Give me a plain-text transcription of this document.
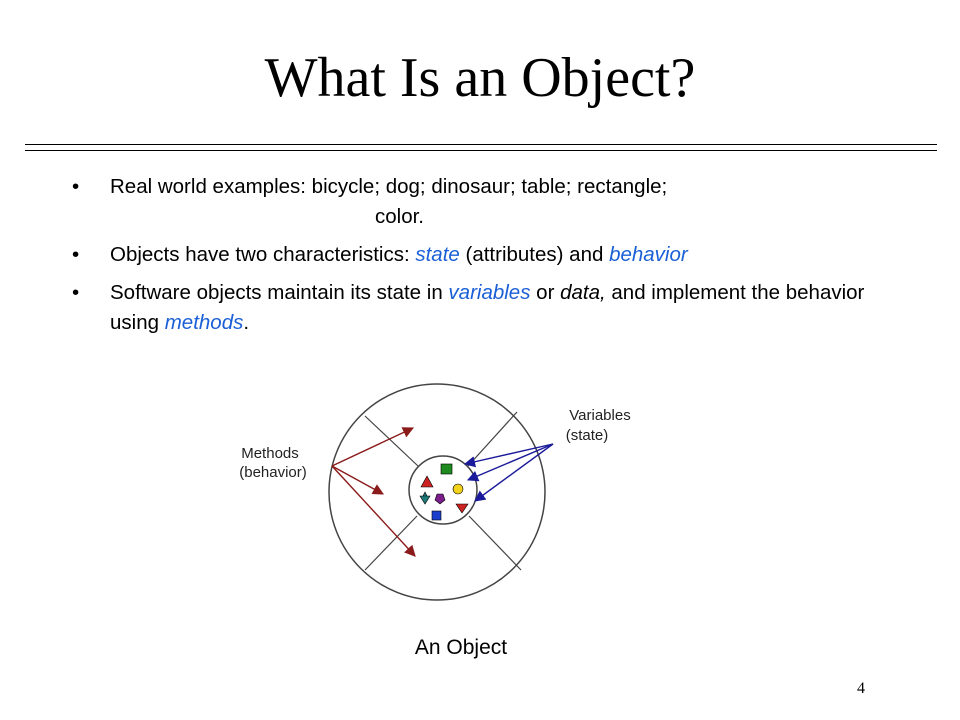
What Is an Object?
• Real world examples: bicycle; dog; dinosaur; table; rectangle;
color.
• Objects have two characteristics: state (attributes) and behavior
• Software objects maintain its state in variables or data, and implement the behavior using methods.
Methods
(behavior)
Variables
(state)
An Object
4
